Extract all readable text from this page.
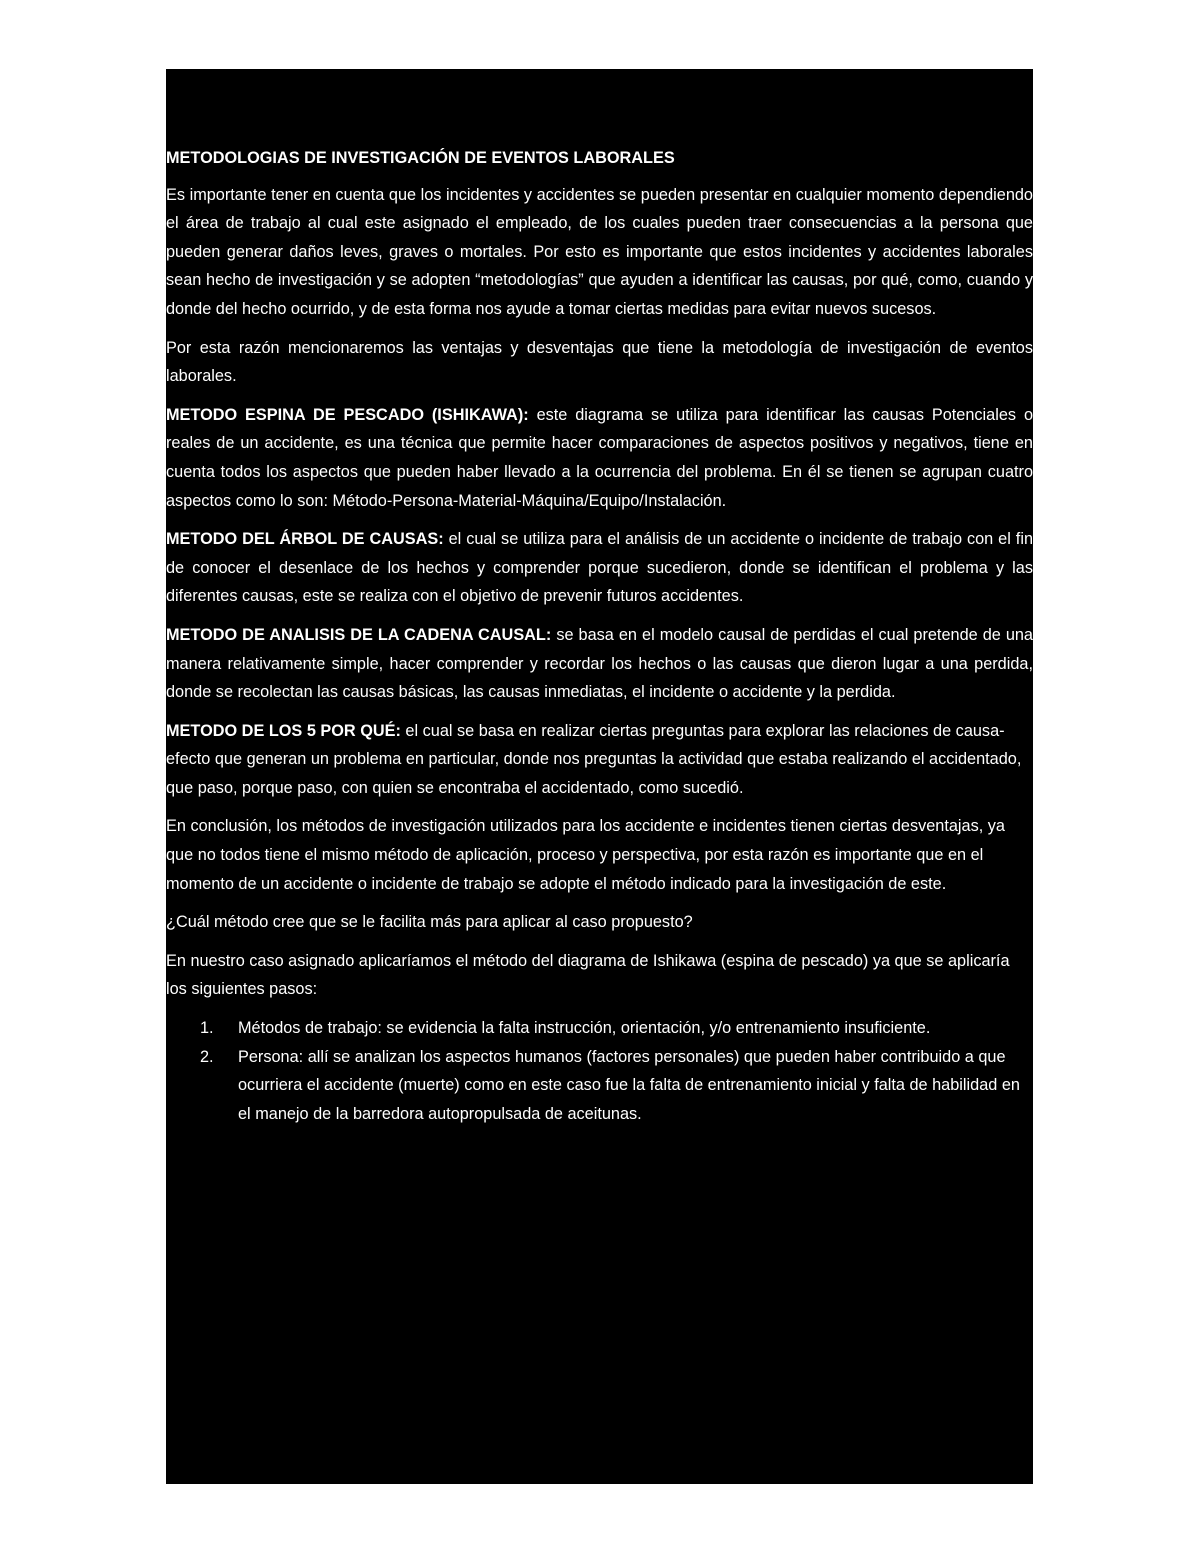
METODOLOGIAS DE INVESTIGACIÓN DE EVENTOS LABORALES

Es importante tener en cuenta que los incidentes y accidentes se pueden presentar en cualquier momento dependiendo el área de trabajo al cual este asignado el empleado, de los cuales pueden traer consecuencias a la persona que pueden generar daños leves, graves o mortales. Por esto es importante que estos incidentes y accidentes laborales sean hecho de investigación y se adopten “metodologías” que ayuden a identificar las causas, por qué, como, cuando y donde del hecho ocurrido, y de esta forma nos ayude a tomar ciertas medidas para evitar nuevos sucesos.

Por esta razón mencionaremos las ventajas y desventajas que tiene la metodología de investigación de eventos laborales.

METODO ESPINA DE PESCADO (ISHIKAWA): este diagrama se utiliza para identificar las causas Potenciales o reales de un accidente, es una técnica que permite hacer comparaciones de aspectos positivos y negativos, tiene en cuenta todos los aspectos que pueden haber llevado a la ocurrencia del problema. En él se tienen se agrupan cuatro aspectos como lo son: Método-Persona-Material-Máquina/Equipo/Instalación.

METODO DEL ÁRBOL DE CAUSAS: el cual se utiliza para el análisis de un accidente o incidente de trabajo con el fin de conocer el desenlace de los hechos y comprender porque sucedieron, donde se identifican el problema y las diferentes causas, este se realiza con el objetivo de prevenir futuros accidentes.

METODO DE ANALISIS DE LA CADENA CAUSAL: se basa en el modelo causal de perdidas el cual pretende de una manera relativamente simple, hacer comprender y recordar los hechos o las causas que dieron lugar a una perdida, donde se recolectan las causas básicas, las causas inmediatas, el incidente o accidente y la perdida.

METODO DE LOS 5 POR QUÉ: el cual se basa en realizar ciertas preguntas para explorar las relaciones de causa- efecto que generan un problema en particular, donde nos preguntas la actividad que estaba realizando el accidentado, que paso, porque paso, con quien se encontraba el accidentado, como sucedió.

En conclusión, los métodos de investigación utilizados para los accidente e incidentes tienen ciertas desventajas, ya que no todos tiene el mismo método de aplicación, proceso y perspectiva, por esta razón es importante que en el momento de un accidente o incidente de trabajo se adopte el método indicado para la investigación de este.

¿Cuál método cree que se le facilita más para aplicar al caso propuesto?

En nuestro caso asignado aplicaríamos el método del diagrama de Ishikawa (espina de pescado) ya que se aplicaría los siguientes pasos:

1. Métodos de trabajo: se evidencia la falta instrucción, orientación, y/o entrenamiento insuficiente.
2. Persona: allí se analizan los aspectos humanos (factores personales) que pueden haber contribuido a que ocurriera el accidente (muerte) como en este caso fue la falta de entrenamiento inicial y falta de habilidad en el manejo de la barredora autopropulsada de aceitunas.
